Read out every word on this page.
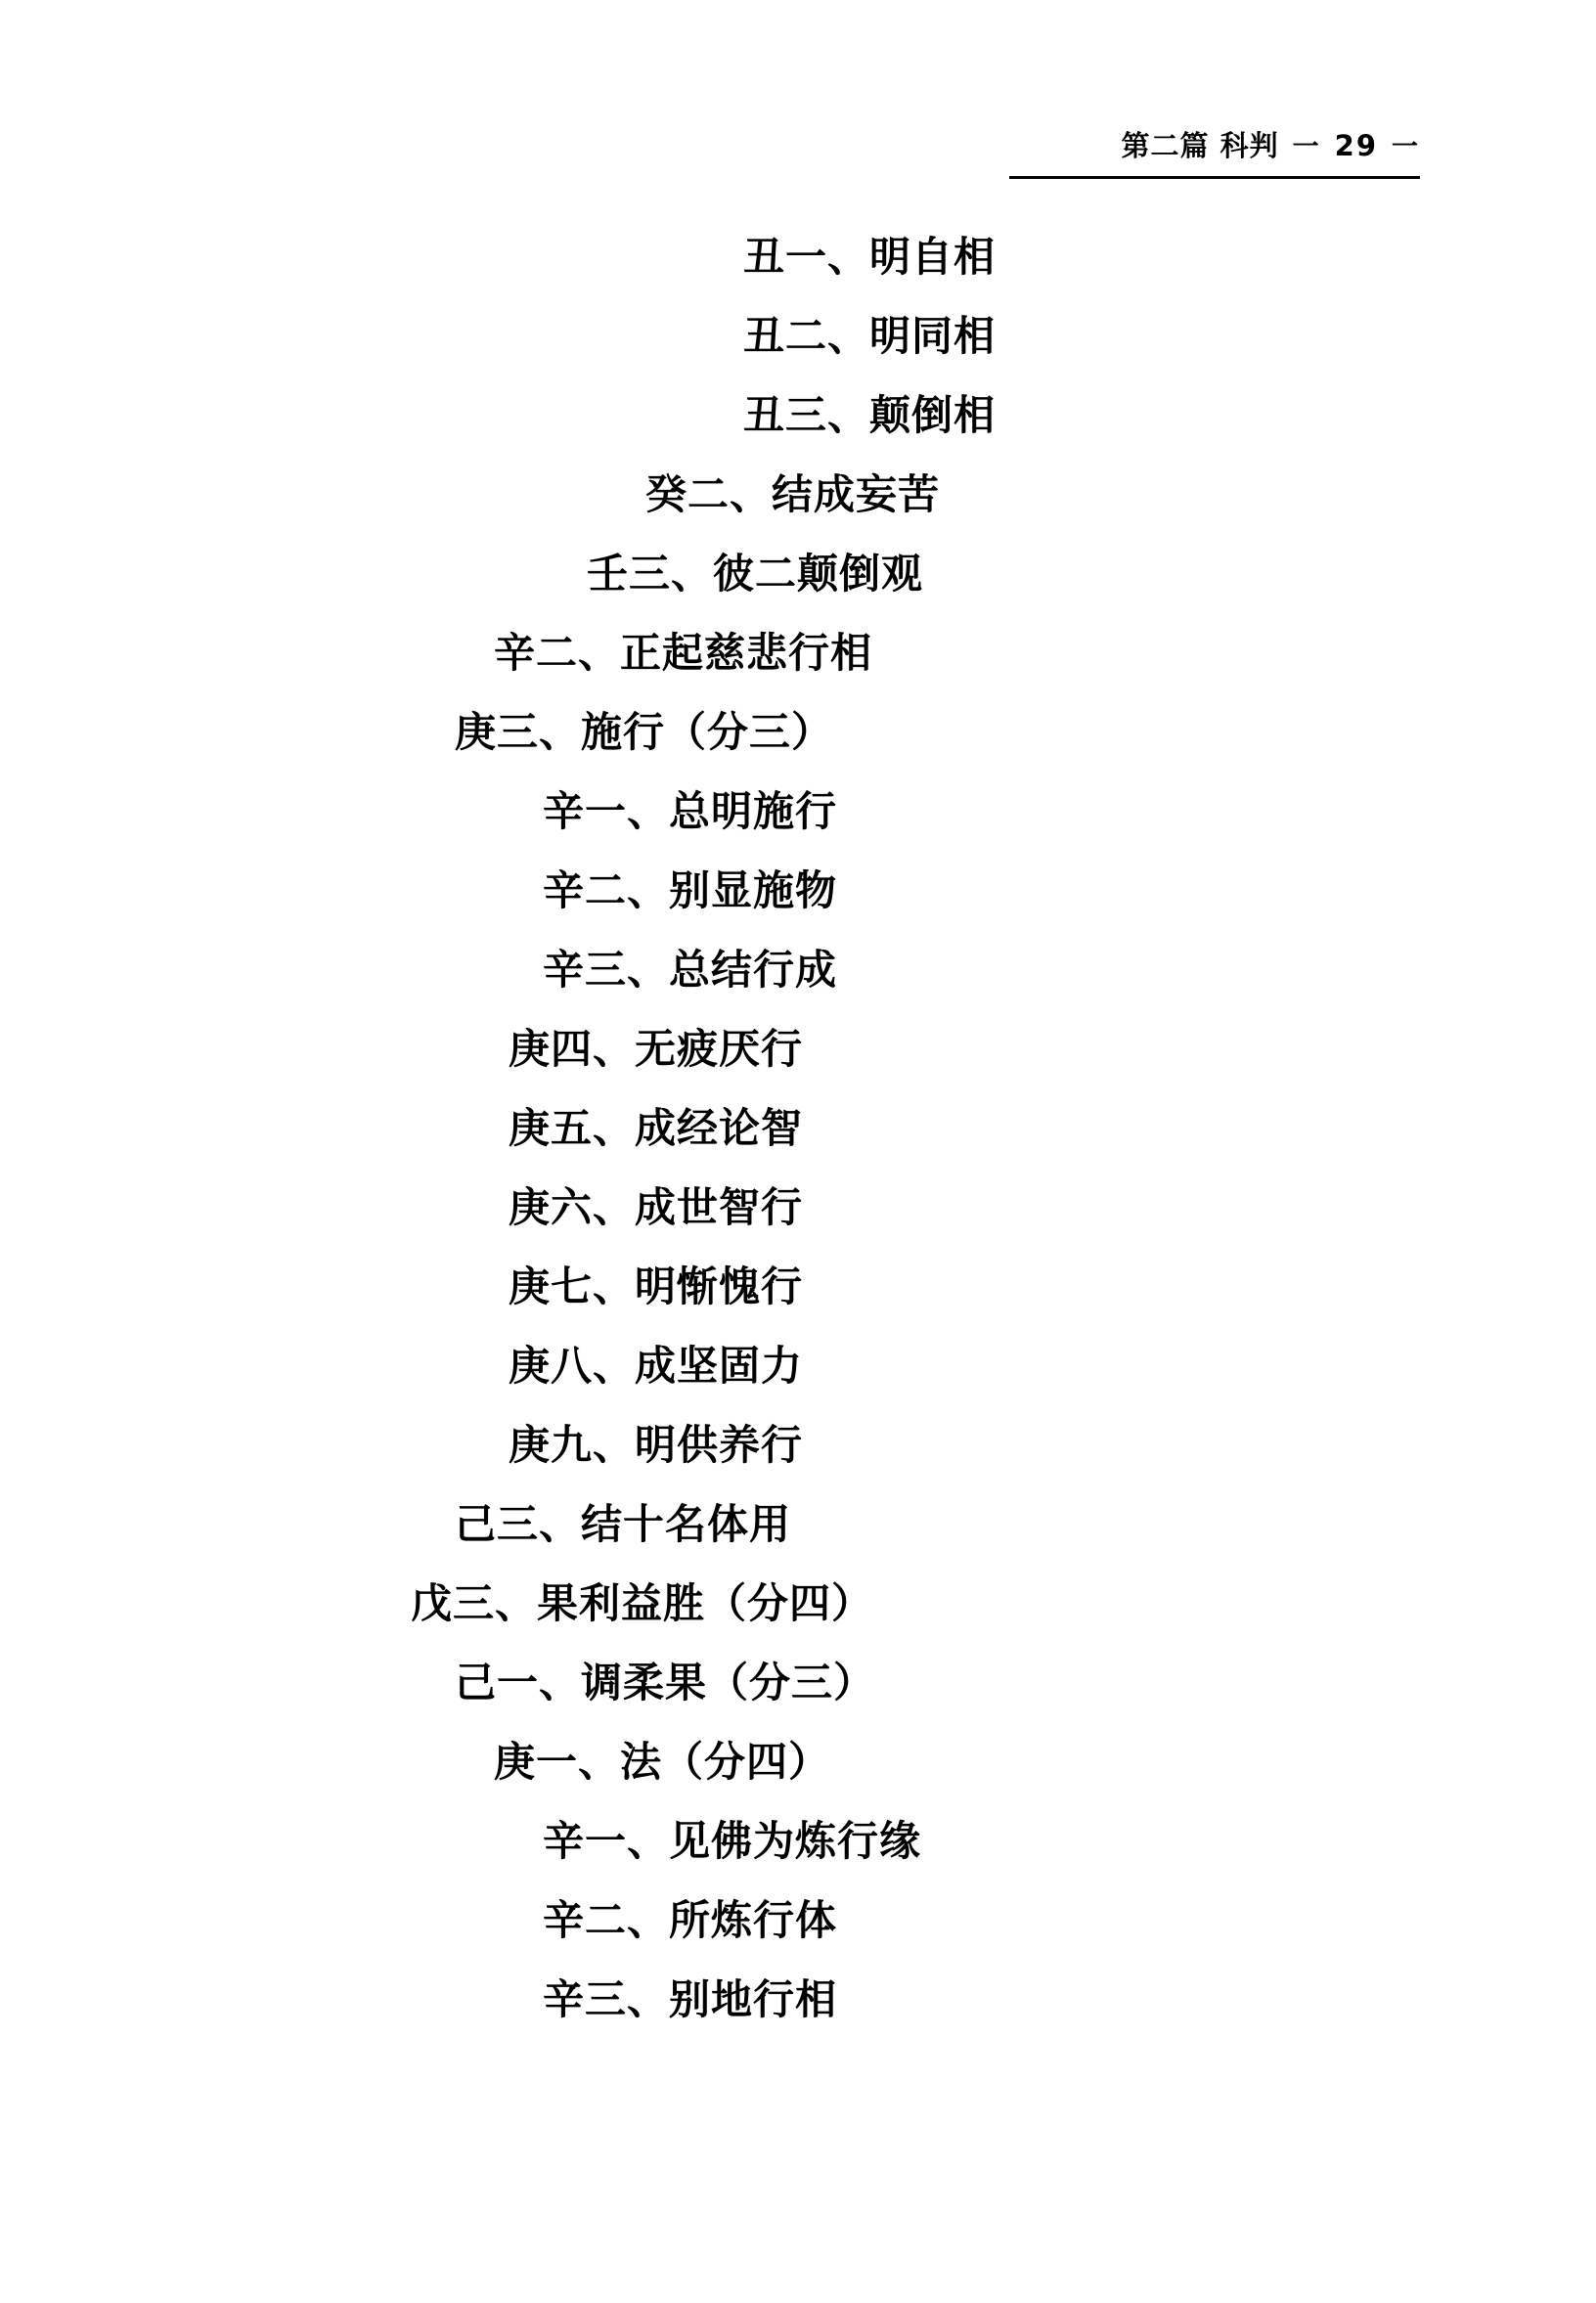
第二篇 科判 一 29 一
丑一、明自相
丑二、明同相
丑三、颠倒相
癸二、结成妄苦
壬三、彼二颠倒观
辛二、正起慈悲行相
庚三、施行（分三）
辛一、总明施行
辛二、别显施物
辛三、总结行成
庚四、无疲厌行
庚五、成经论智
庚六、成世智行
庚七、明惭愧行
庚八、成坚固力
庚九、明供养行
己三、结十名体用
戊三、果利益胜（分四）
己一、调柔果（分三）
庚一、法（分四）
辛一、见佛为炼行缘
辛二、所炼行体
辛三、别地行相
